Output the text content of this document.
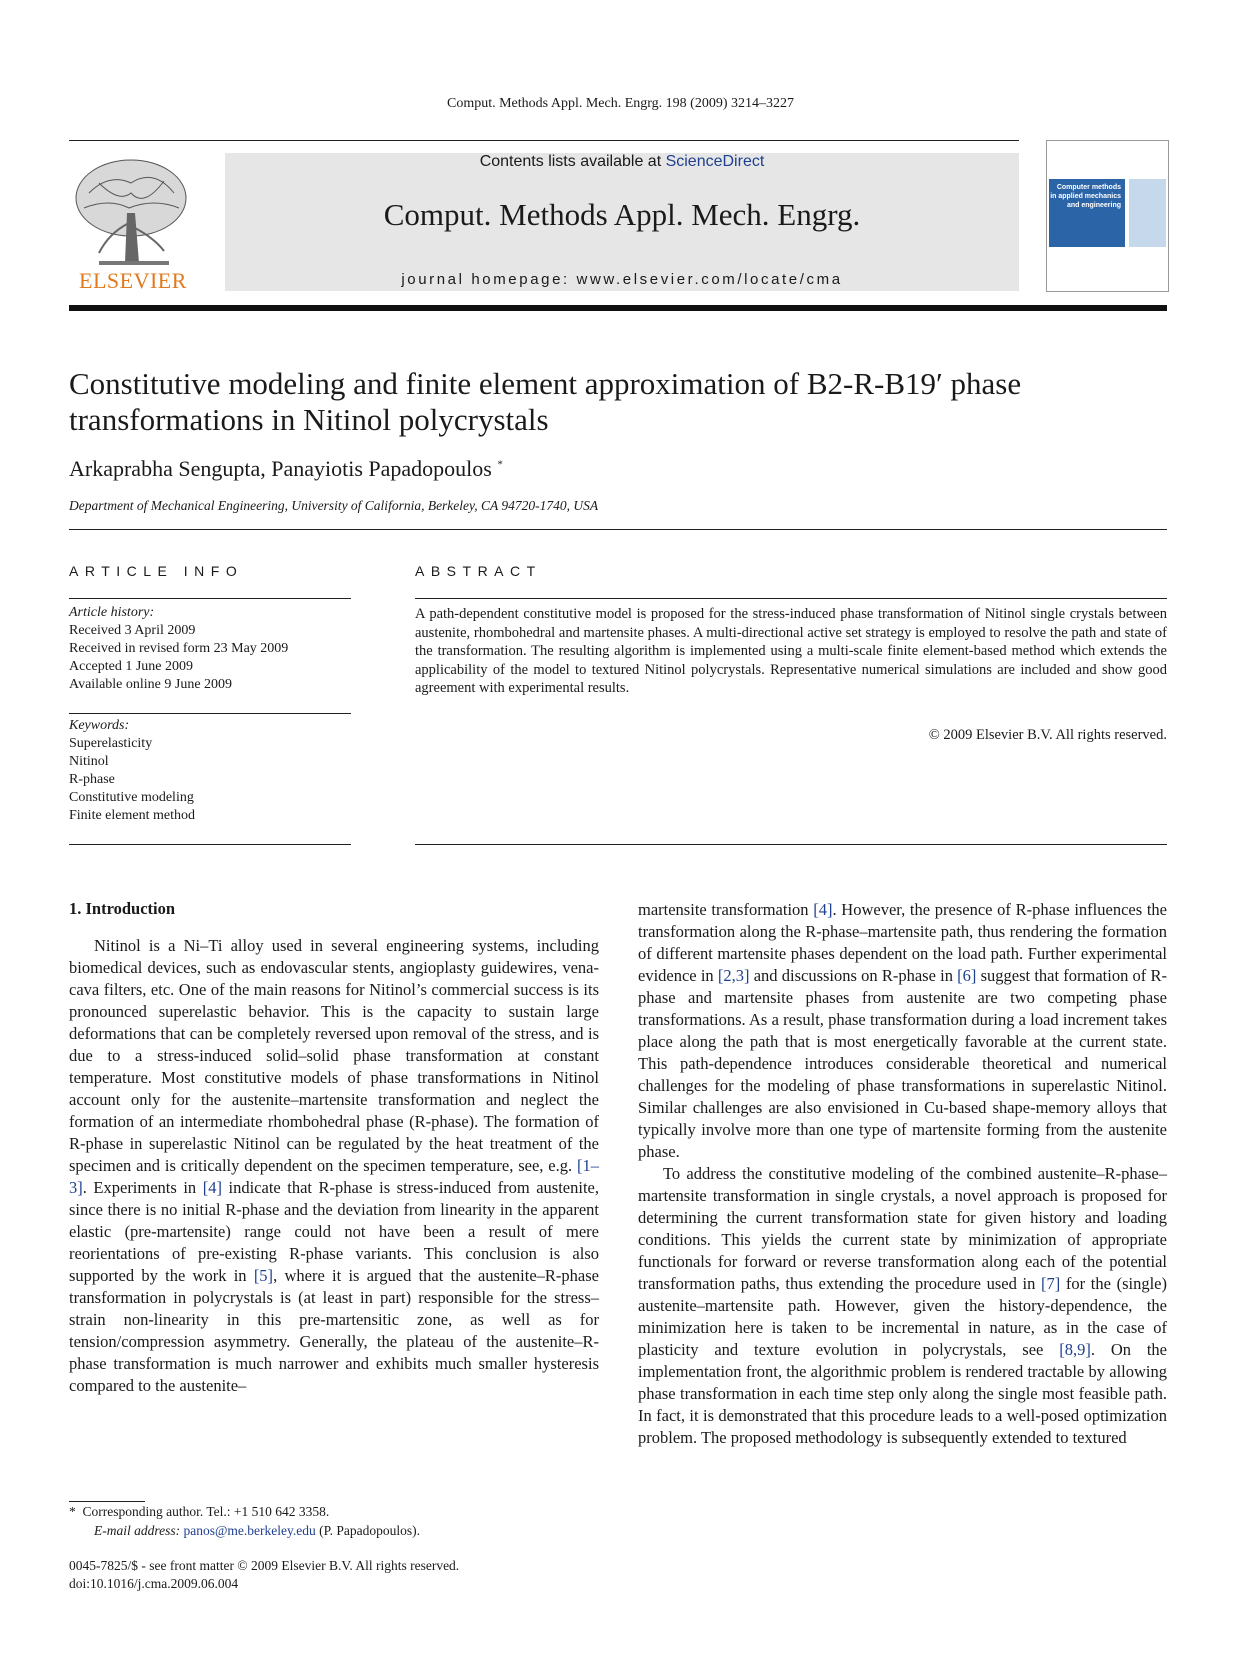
Comput. Methods Appl. Mech. Engrg. 198 (2009) 3214–3227
ELSEVIER
Contents lists available at ScienceDirect
Comput. Methods Appl. Mech. Engrg.
journal homepage: www.elsevier.com/locate/cma
Computer methods in applied mechanics and engineering
Constitutive modeling and finite element approximation of B2-R-B19′ phase
transformations in Nitinol polycrystals
Arkaprabha Sengupta, Panayiotis Papadopoulos *
Department of Mechanical Engineering, University of California, Berkeley, CA 94720-1740, USA
ARTICLE INFO	ABSTRACT
Article history:
Received 3 April 2009
Received in revised form 23 May 2009
Accepted 1 June 2009
Available online 9 June 2009
Keywords:
Superelasticity
Nitinol
R-phase
Constitutive modeling
Finite element method
A path-dependent constitutive model is proposed for the stress-induced phase transformation of Nitinol single crystals between austenite, rhombohedral and martensite phases. A multi-directional active set strategy is employed to resolve the path and state of the transformation. The resulting algorithm is implemented using a multi-scale finite element-based method which extends the applicability of the model to textured Nitinol polycrystals. Representative numerical simulations are included and show good agreement with experimental results.
© 2009 Elsevier B.V. All rights reserved.
1. Introduction

Nitinol is a Ni–Ti alloy used in several engineering systems, including biomedical devices, such as endovascular stents, angioplasty guidewires, vena-cava filters, etc. One of the main reasons for Nitinol’s commercial success is its pronounced superelastic behavior. This is the capacity to sustain large deformations that can be completely reversed upon removal of the stress, and is due to a stress-induced solid–solid phase transformation at constant temperature. Most constitutive models of phase transformations in Nitinol account only for the austenite–martensite transformation and neglect the formation of an intermediate rhombohedral phase (R-phase). The formation of R-phase in superelastic Nitinol can be regulated by the heat treatment of the specimen and is critically dependent on the specimen temperature, see, e.g. [1–3]. Experiments in [4] indicate that R-phase is stress-induced from austenite, since there is no initial R-phase and the deviation from linearity in the apparent elastic (pre-martensite) range could not have been a result of mere reorientations of pre-existing R-phase variants. This conclusion is also supported by the work in [5], where it is argued that the austenite–R-phase transformation in polycrystals is (at least in part) responsible for the stress–strain non-linearity in this pre-martensitic zone, as well as for tension/compression asymmetry. Generally, the plateau of the austenite–R-phase transformation is much narrower and exhibits much smaller hysteresis compared to the austenite–

martensite transformation [4]. However, the presence of R-phase influences the transformation along the R-phase–martensite path, thus rendering the formation of different martensite phases dependent on the load path. Further experimental evidence in [2,3] and discussions on R-phase in [6] suggest that formation of R-phase and martensite phases from austenite are two competing phase transformations. As a result, phase transformation during a load increment takes place along the path that is most energetically favorable at the current state. This path-dependence introduces considerable theoretical and numerical challenges for the modeling of phase transformations in superelastic Nitinol. Similar challenges are also envisioned in Cu-based shape-memory alloys that typically involve more than one type of martensite forming from the austenite phase.

To address the constitutive modeling of the combined austenite–R-phase–martensite transformation in single crystals, a novel approach is proposed for determining the current transformation state for given history and loading conditions. This yields the current state by minimization of appropriate functionals for forward or reverse transformation along each of the potential transformation paths, thus extending the procedure used in [7] for the (single) austenite–martensite path. However, given the history-dependence, the minimization here is taken to be incremental in nature, as in the case of plasticity and texture evolution in polycrystals, see [8,9]. On the implementation front, the algorithmic problem is rendered tractable by allowing phase transformation in each time step only along the single most feasible path. In fact, it is demonstrated that this procedure leads to a well-posed optimization problem. The proposed methodology is subsequently extended to textured

* Corresponding author. Tel.: +1 510 642 3358.
E-mail address: panos@me.berkeley.edu (P. Papadopoulos).
0045-7825/$ - see front matter © 2009 Elsevier B.V. All rights reserved.
doi:10.1016/j.cma.2009.06.004
